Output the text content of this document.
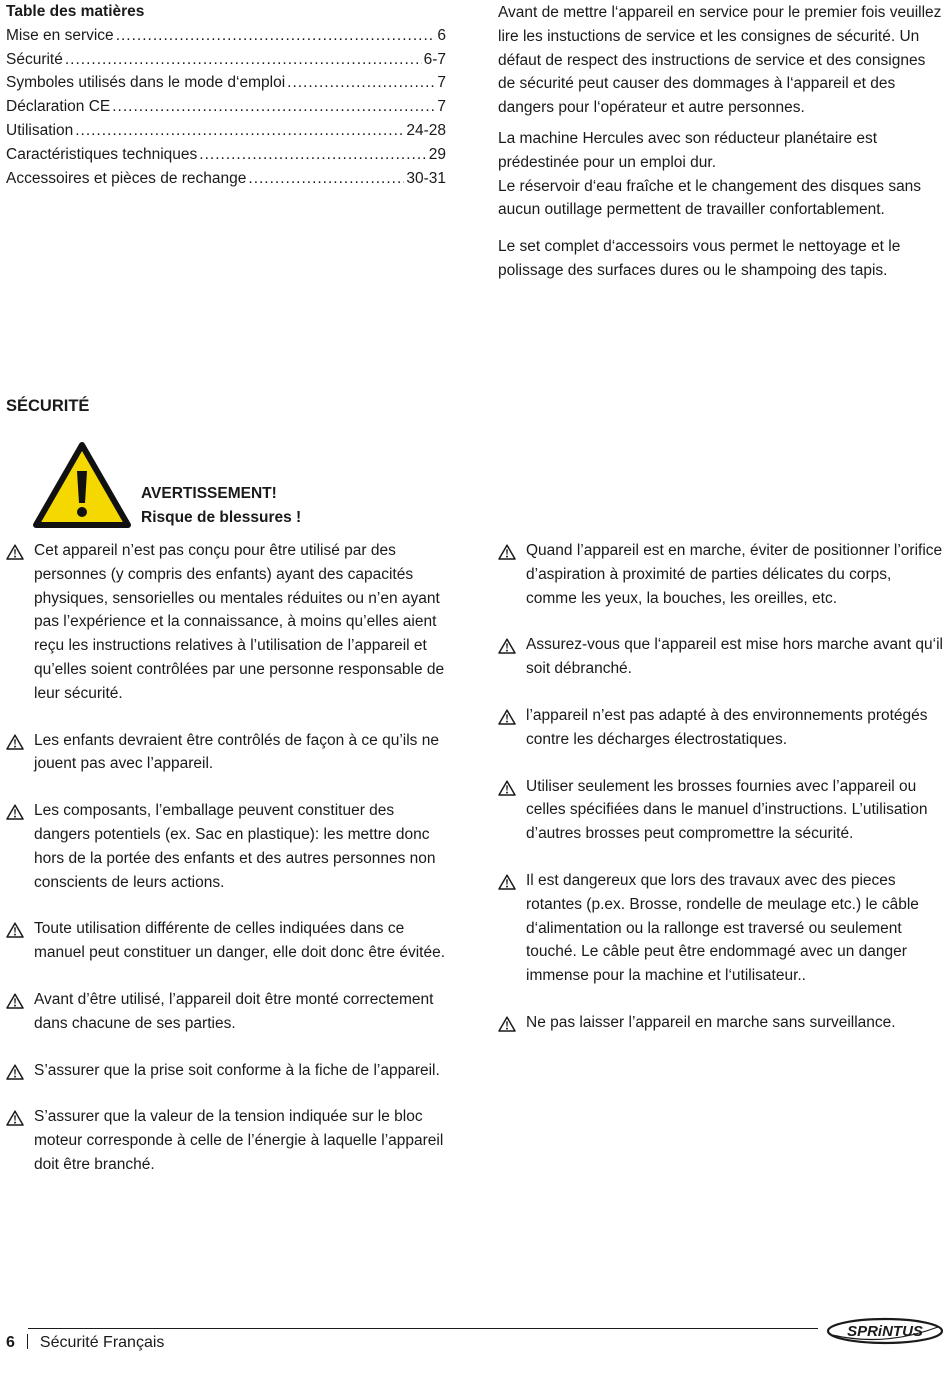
Table des matières
Mise en service .....	6
Sécurité .....	6-7
Symboles utilisés dans le mode d‘emploi .....	7
Déclaration CE .....	7
Utilisation .....	24-28
Caractéristiques techniques .....	29
Accessoires et pièces de rechange .....	30-31

Avant de mettre l‘appareil en service pour le premier fois veuillez lire les instuctions de service et les consignes de sécurité. Un défaut de respect des instructions de service et des consignes de sécurité peut causer des dommages à l‘appareil et des dangers pour l‘opérateur et autre personnes.

La machine Hercules avec son réducteur planétaire est prédestinée pour un emploi dur.

Le réservoir d‘eau fraîche et le changement des disques sans aucun outillage permettent de travailler confortablement.

Le set complet d‘accessoirs vous permet le nettoyage et le polissage des surfaces dures ou le shampoing des tapis.

SÉCURITÉ
AVERTISSEMENT!
Risque de blessures !
Cet appareil n’est pas conçu pour être utilisé par des personnes (y compris des enfants) ayant des capacités physiques, sensorielles ou mentales réduites ou n’en ayant pas l’expérience et la connaissance, à moins qu’elles aient reçu les instructions relatives à l’utilisation de l’appareil et qu’elles soient contrôlées par une personne responsable de leur sécurité.
Les enfants devraient être contrôlés de façon à ce qu’ils ne jouent pas avec l’appareil.
Les composants, l’emballage peuvent constituer des dangers potentiels (ex. Sac en plastique): les mettre donc hors de la portée des enfants et des autres personnes non conscients de leurs actions.
Toute utilisation différente de celles indiquées dans ce manuel peut constituer un danger, elle doit donc être évitée.
Avant d’être utilisé, l’appareil doit être monté correctement dans chacune de ses parties.
S’assurer que la prise soit conforme à la fiche de l’appareil.
S’assurer que la valeur de la tension indiquée sur le bloc moteur corresponde à celle de l’énergie à laquelle l’appareil doit être branché.
Quand l’appareil est en marche, éviter de positionner l’orifice d’aspiration à proximité de parties délicates du corps, comme les yeux, la bouches, les oreilles, etc.
Assurez-vous que l‘appareil est mise hors marche avant qu‘il soit débranché.
l’appareil n’est pas adapté à des environnements protégés contre les décharges électrostatiques.
Utiliser seulement les brosses fournies avec l’appareil ou celles spécifiées dans le manuel d’instructions. L’utilisation d’autres brosses peut compromettre la sécurité.
Il est dangereux que lors des travaux avec des pieces rotantes (p.ex. Brosse, rondelle de meulage etc.) le câble d‘alimentation ou la rallonge est traversé ou seulement touché. Le câble peut être endommagé avec un danger immense pour la machine et l‘utilisateur..
Ne pas laisser l’appareil en marche sans surveillance.
6 Sécurité Français
SPRiNTUS
